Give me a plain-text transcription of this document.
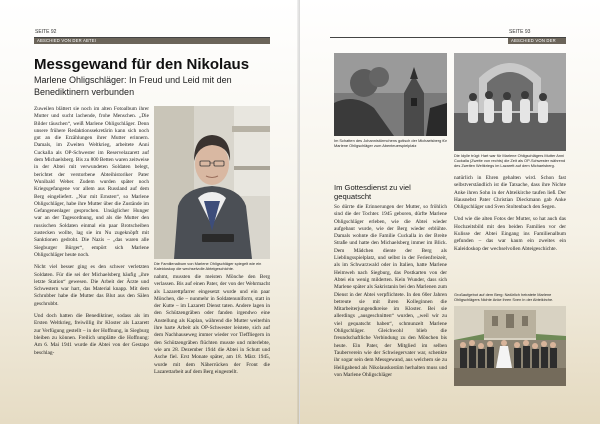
SEITE 92
ABSCHIED VON DER ABTEI
Messgewand für den Nikolaus
Marlene Ohligschläger: In Freud und Leid mit den Benediktinern verbunden

Zuweilen blättert sie noch im alten Fotoalbum ihrer Mutter und sucht lachende, frohe Menschen. „Die Bilder täuschen“, weiß Marlene Ohligschläger. Denn unsere frühere Redaktionssekretärin kann sich noch gut an die Erzählungen ihrer Mutter erinnern. Damals, im Zweiten Weltkrieg, arbeitete Anni Cuckalla als OP-Schwester im Reservelazarett auf dem Michaelsberg. Bis zu 800 Betten waren zeitweise in der Abtei mit verwundeten Soldaten belegt, berichtet der verstorbene Abteihistoriker Pater Wunibald Weber. Zudem wurden später noch Kriegsgefangene vor allem aus Russland auf dem Berg eingeliefert. „Nur mit Ernsten“, so Marlene Ohligschläger, habe ihre Mutter über die Zustände im Gefangenenlager gesprochen. Unsäglicher Hunger war an der Tagesordnung, und als die Mutter den russischen Soldaten einmal ein paar Brotscheiben zustecken wollte, lag sie im Nu zugeknöpft mit Sanktionen gedroht. Die Nazis – „das waren alle Siegburger Bürger“, empört sich Marlene Ohligschläger heute noch.

Nicht viel besser ging es den schwer verletzten Soldaten. Für die sei der Michaelsberg häufig „ihre letzte Station“ gewesen. Die Arbeit der Ärzte und Schwestern war hart, das Material knapp. Mit dem Schrubber habe die Mutter das Blut aus den Sälen geschrubbt.

Und doch hatten die Benediktiner, sodass als im Ersten Weltkrieg, freiwillig ihr Kloster als Lazarett zur Verfügung gestellt – in der Hoffnung, in Siegburg bleiben zu können. Freilich umplätte die Hoffnung: Am 6. Mai 1941 wurde die Abtei von der Gestapo beschlag-

Die Familienalbum von Marlene Ohligschläger spiegelt wie ein Kaleidoskop die wechselvolle Abteigeschichte.

nahmt, mussten die meisten Mönche den Berg verlassen. Bis auf einen Pater, der von der Wehrmacht als Lazarettpfarrer eingesetzt wurde und ein paar Mönchen, die – nunmehr in Soldatenuniform, statt in der Kutte – im Lazarett Dienst taten. Andere lagen in den Schützengräben oder fanden irgendwo eine Anstellung als Kaplan, während die Mutter weiterhin ihre harte Arbeit als OP-Schwester leistete, sich auf dem Nachhauseweg immer wieder vor Tieffliegern in den Schützengräben flüchten musste und miterlebte, wie am 28. Dezember 1944 die Abtei in Schutt und Asche fiel. Erst Monate später, am 18. März 1945, wurde mit dem Näherrücken der Front die Lazarettarbeit auf dem Berg eingestellt.

SEITE 93
ABSCHIED VON DER ABTEI
Im Schatten des Johannistürmchens gotisch der Michaelsberg für Marlene Ohligschläger zum Abenteuerspielplatz
Die Idylle trügt: Hart war für Marlene Ohligschlägers Mutter Anni Cuckalla (Zweite von rechts) die Zeit als OP-Schwester während des Zweiten Weltkriegs im Lazarett auf dem Michaelsberg.
Im Gottesdienst zu viel gequatscht

So dürrte die Erinnerungen der Mutter, so fröhlich sind die der Tochter. 1945 geboren, dürfte Marlene Ohligschläger erleben, wie die Abtei wieder aufgebaut wurde, wie der Berg wieder erblühte. Damals wohnte die Familie Cuckalla in der Breite Straße und hatte den Michaelsberg immer im Blick. Dem Mädchen diente der Berg als Lieblingsspielplatz, und selbst in der Ferienfreizeit, als im Schwarzwald oder in Italien, hatte Marlene Heimweh nach Siegburg, das Postkarten von der Abtei ein wenig milderten. Kein Wunder, dass sich Marlene später als Sakristanin bei den Marlenen zum Dienst in der Abtei verpflichtete. In den 60er Jahren betreute sie mit ihren Kolleginnen die Mitarbeiterjungendkreise im Kloster. Bei sie allerdings „ausgeschnitten“ wurden, „weil wir zu viel gequatscht haben“, schmunzelt Marlene Ohligschläger. Gleichwohl blieb die freundschaftliche Verbindung zu den Mönchen bis heute. Ein Pater, der Mitglied im selben Tauberverein wie der Schwiegervater war, schenkte ihr sogar sein dem Messgewand, aus welchem sie zu Heiligabend als Nikolauskostüm herhalten muss und von Marlene Ohligschläger

natürlich in Ehren gehalten wird. Schon fast selbstverständlich ist die Tatsache, dass ihre Nichte Anke ihren Sohn in der Abteikirche taufen ließ. Der Hausnebst Pater Christian Dieckmann gab Anke Ohligschläger und Sven Stoltenbach den Segen.

Und wie die alten Fotos der Mutter, so hat auch das Hochzeitsbild mit den beiden Familien vor der Kulisse der Abtei Eingang ins Familienalbum gefunden – das war kaum ein zweites ein Kaleidoskop der wechselvollen Abteigeschichte.

Großaufgebot auf dem Berg: Natürlich heiratete Marlene Ohligschlägers Nichte Anke ihren Sven in der Abteikirche.
